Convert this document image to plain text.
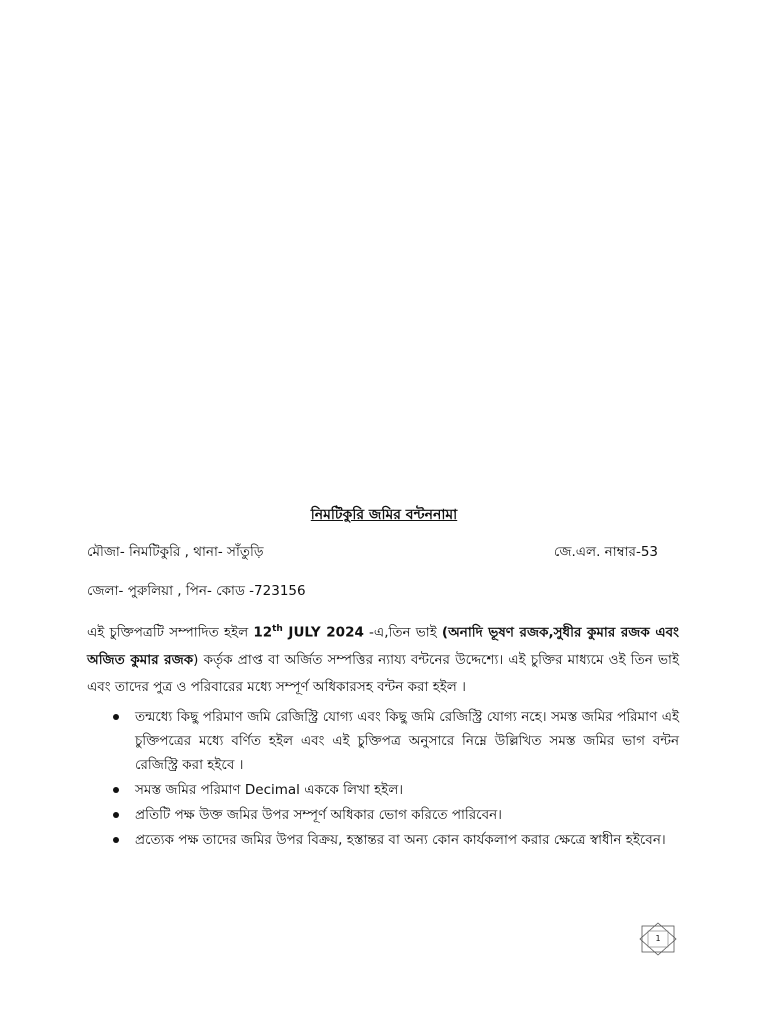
নিমটিকুরি জমির বন্টননামা
মৌজা- নিমটিকুরি , থানা- সাঁতুড়ি	জে.এল. নাম্বার-53
জেলা- পুরুলিয়া , পিন- কোড -723156
এই চুক্তিপত্রটি সম্পাদিত হইল 12th JULY 2024 -এ,তিন ভাই (অনাদি ভূষণ রজক,সুধীর কুমার রজক এবং অজিত কুমার রজক) কর্তৃক প্রাপ্ত বা অর্জিত সম্পত্তির ন্যায্য বন্টনের উদ্দেশ্যে। এই চুক্তির মাধ্যমে ওই তিন ভাই এবং তাদের পুত্র ও পরিবারের মধ্যে সম্পূর্ণ অধিকারসহ বন্টন করা হইল ।
তন্মধ্যে কিছু পরিমাণ জমি রেজিস্ট্রি যোগ্য এবং কিছু জমি রেজিস্ট্রি যোগ্য নহে। সমস্ত জমির পরিমাণ এই চুক্তিপত্রের মধ্যে বর্ণিত হইল এবং এই চুক্তিপত্র অনুসারে নিম্নে উল্লিখিত সমস্ত জমির ভাগ বন্টন রেজিস্ট্রি করা হইবে ।
সমস্ত জমির পরিমাণ Decimal এককে লিখা হইল।
প্রতিটি পক্ষ উক্ত জমির উপর সম্পূর্ণ অধিকার ভোগ করিতে পারিবেন।
প্রত্যেক পক্ষ তাদের জমির উপর বিক্রয়, হস্তান্তর বা অন্য কোন কার্যকলাপ করার ক্ষেত্রে স্বাধীন হইবেন।
1
